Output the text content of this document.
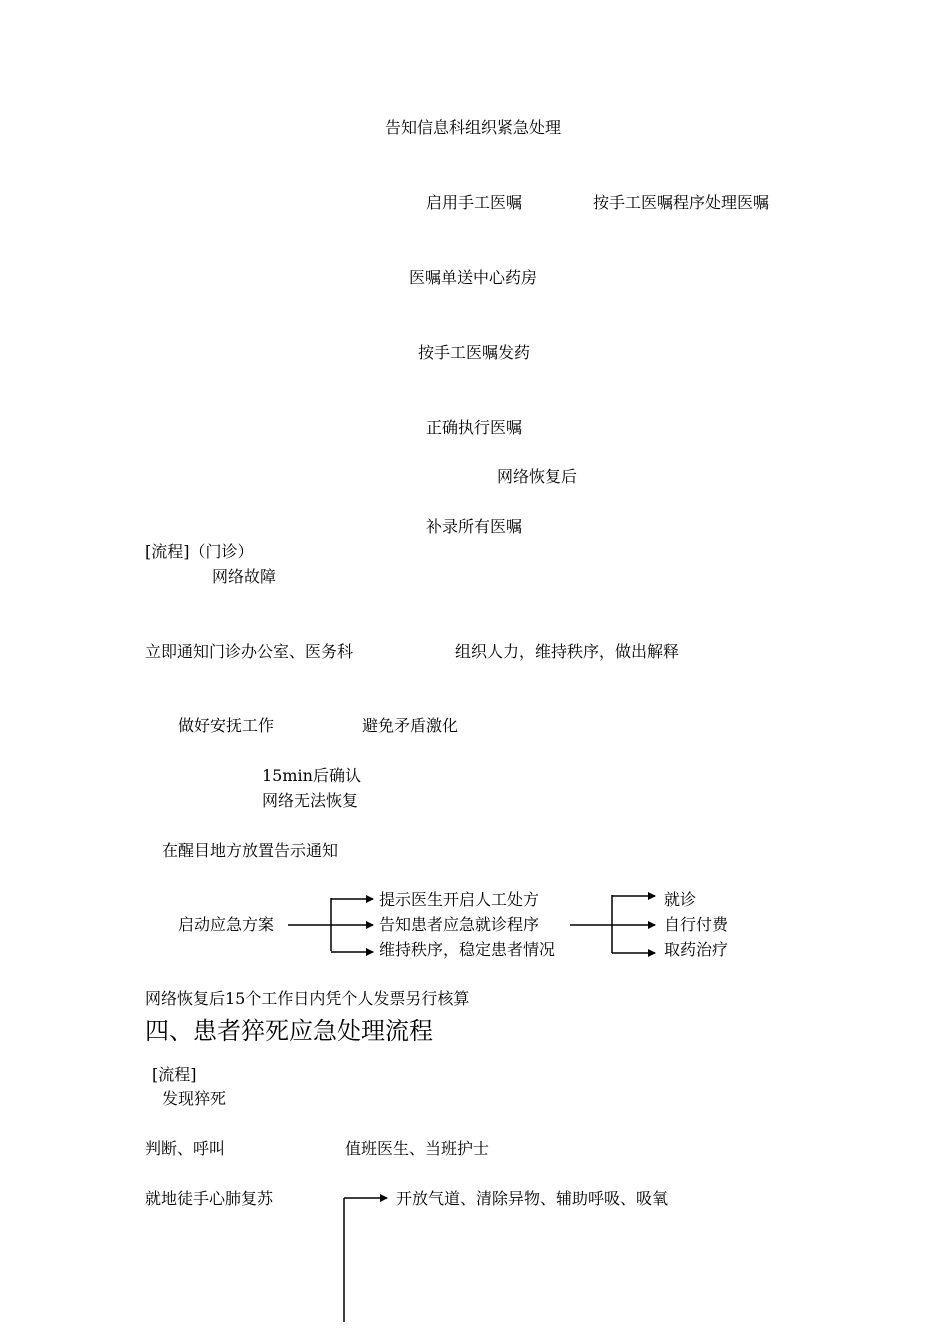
告知信息科组织紧急处理
启用手工医嘱	按手工医嘱程序处理医嘱
医嘱单送中心药房
按手工医嘱发药
正确执行医嘱
网络恢复后
补录所有医嘱
[流程]（门诊）
网络故障
立即通知门诊办公室、医务科	组织人力，维持秩序，做出解释
做好安抚工作	避免矛盾激化
15min后确认
网络无法恢复
在醒目地方放置告示通知
启动应急方案
提示医生开启人工处方
告知患者应急就诊程序
维持秩序，稳定患者情况
就诊
自行付费
取药治疗
网络恢复后15个工作日内凭个人发票另行核算
四、患者猝死应急处理流程
[流程]
发现猝死
判断、呼叫	值班医生、当班护士
就地徒手心肺复苏	开放气道、清除异物、辅助呼吸、吸氧
